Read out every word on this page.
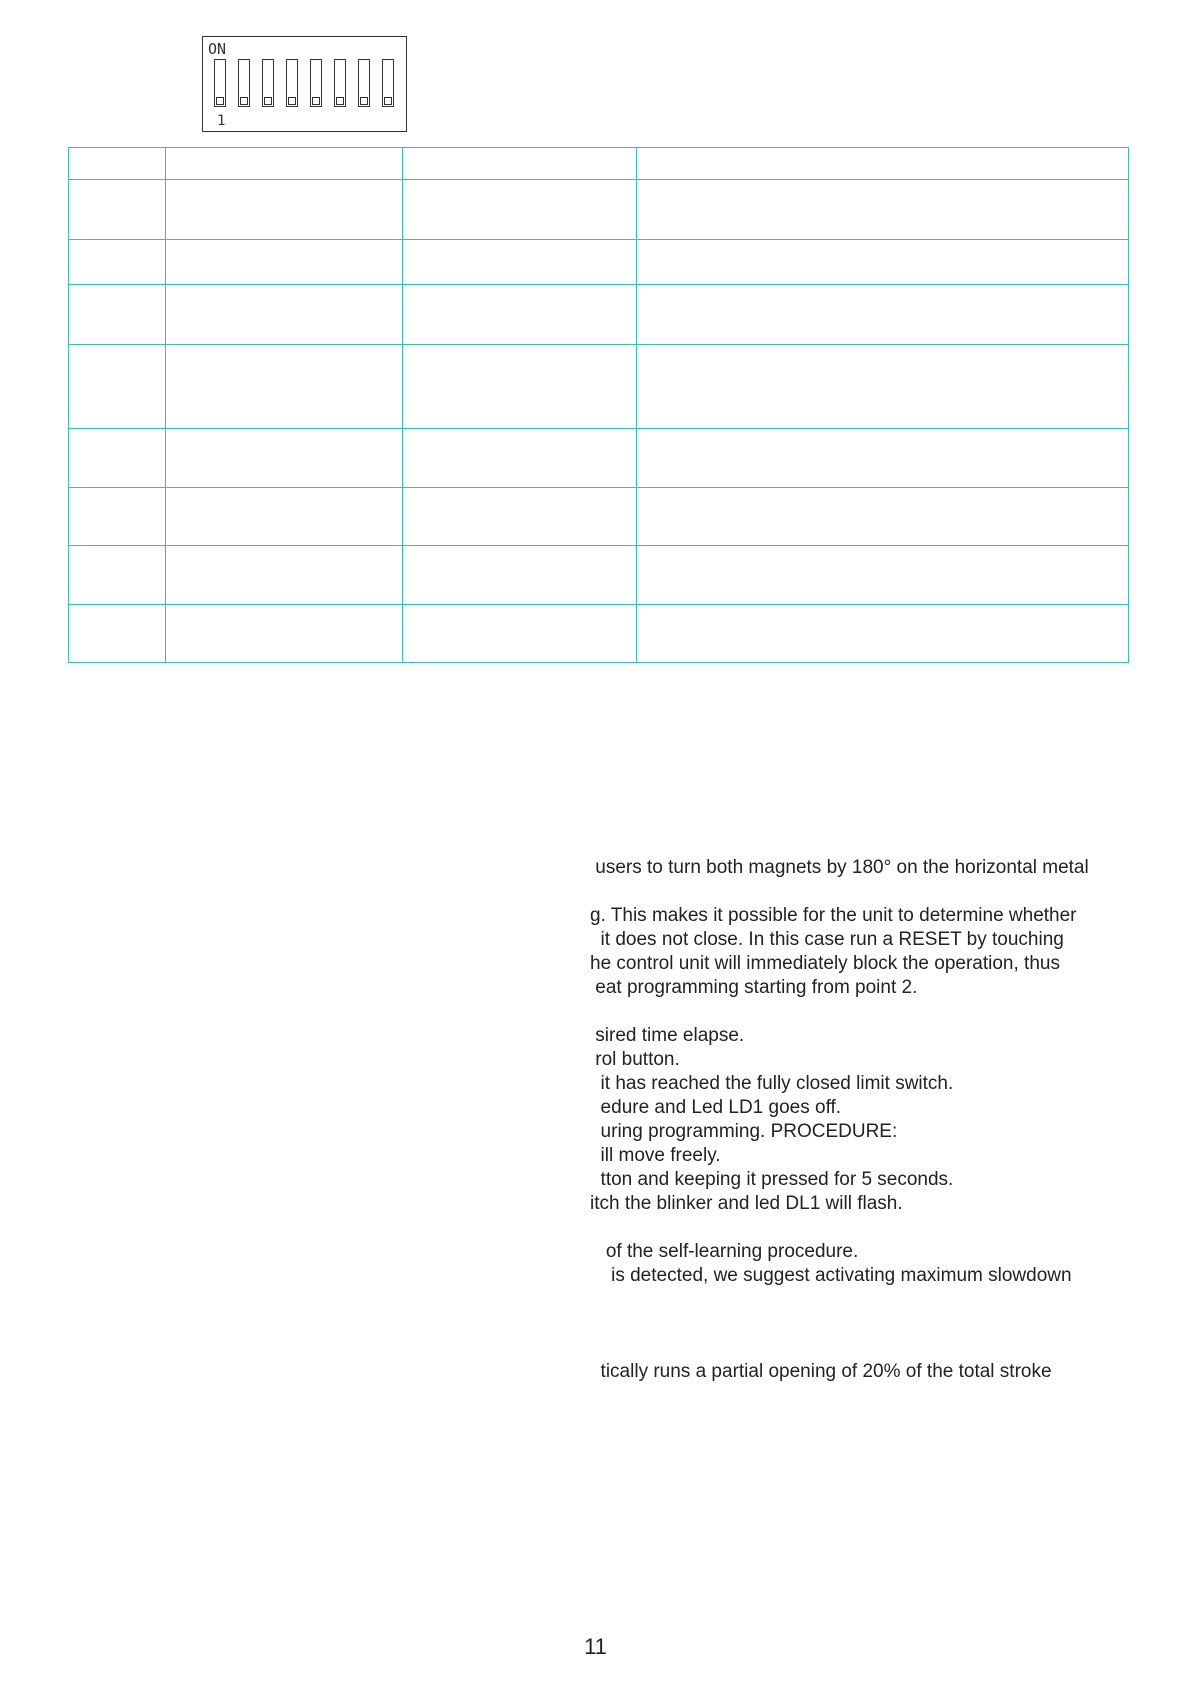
ON
1

users to turn both magnets by 180° on the horizontal metal
g. This makes it possible for the unit to determine whether
it does not close. In this case run a RESET by touching
he control unit will immediately block the operation, thus
eat programming starting from point 2.
sired time elapse.
rol button.
it has reached the fully closed limit switch.
edure and Led LD1 goes off.
uring programming. PROCEDURE:
ill move freely.
tton and keeping it pressed for 5 seconds.
itch the blinker and led DL1 will flash.
of the self-learning procedure.
is detected, we suggest activating maximum slowdown
tically runs a partial opening of 20% of the total stroke
11
